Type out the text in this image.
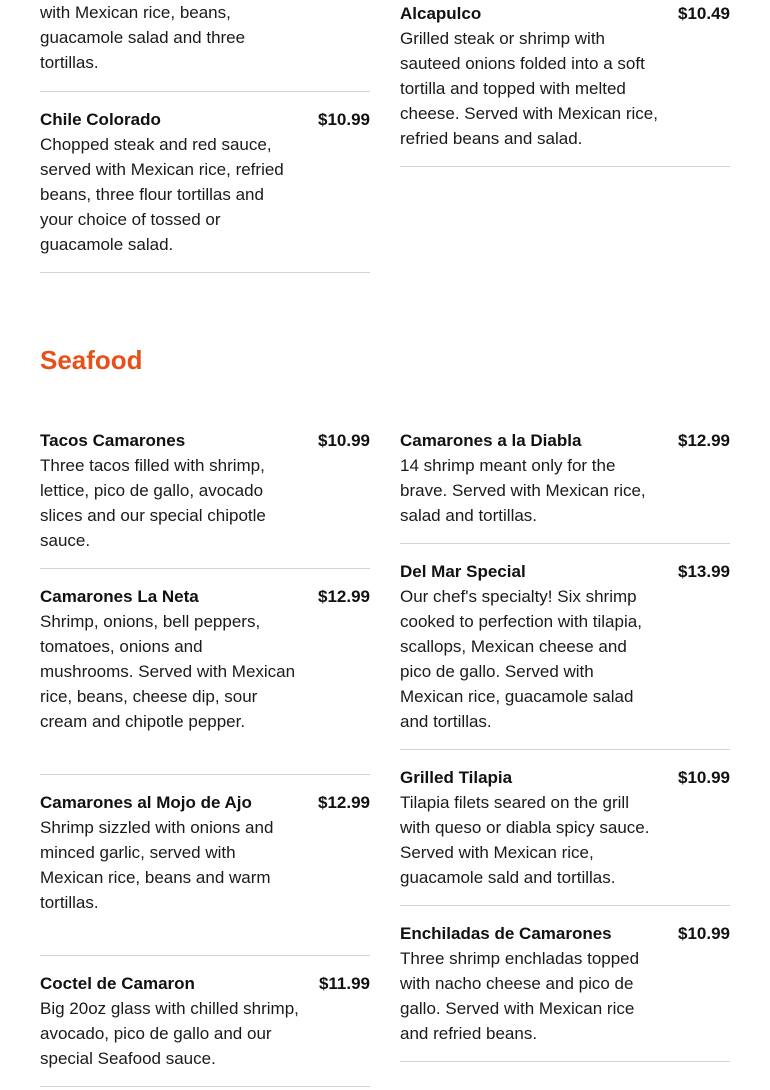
with Mexican rice, beans, guacamole salad and three tortillas.

Chile Colorado	$10.99

Chopped steak and red sauce, served with Mexican rice, refried beans, three flour tortillas and your choice of tossed or guacamole salad.

Alcapulco	$10.49

Grilled steak or shrimp with sauteed onions folded into a soft tortilla and topped with melted cheese. Served with Mexican rice, refried beans and salad.

Seafood
Tacos Camarones	$10.99

Three tacos filled with shrimp, lettice, pico de gallo, avocado slices and our special chipotle sauce.

Camarones La Neta	$12.99

Shrimp, onions, bell peppers, tomatoes, onions and mushrooms. Served with Mexican rice, beans, cheese dip, sour cream and chipotle pepper.

Camarones al Mojo de Ajo	$12.99

Shrimp sizzled with onions and minced garlic, served with Mexican rice, beans and warm tortillas.

Coctel de Camaron	$11.99

Big 20oz glass with chilled shrimp, avocado, pico de gallo and our special Seafood sauce.

Camarones a la Diabla	$12.99

14 shrimp meant only for the brave. Served with Mexican rice, salad and tortillas.

Del Mar Special	$13.99

Our chef's specialty! Six shrimp cooked to perfection with tilapia, scallops, Mexican cheese and pico de gallo. Served with Mexican rice, guacamole salad and tortillas.

Grilled Tilapia	$10.99

Tilapia filets seared on the grill with queso or diabla spicy sauce. Served with Mexican rice, guacamole sald and tortillas.

Enchiladas de Camarones	$10.99

Three shrimp enchladas topped with nacho cheese and pico de gallo. Served with Mexican rice and refried beans.
